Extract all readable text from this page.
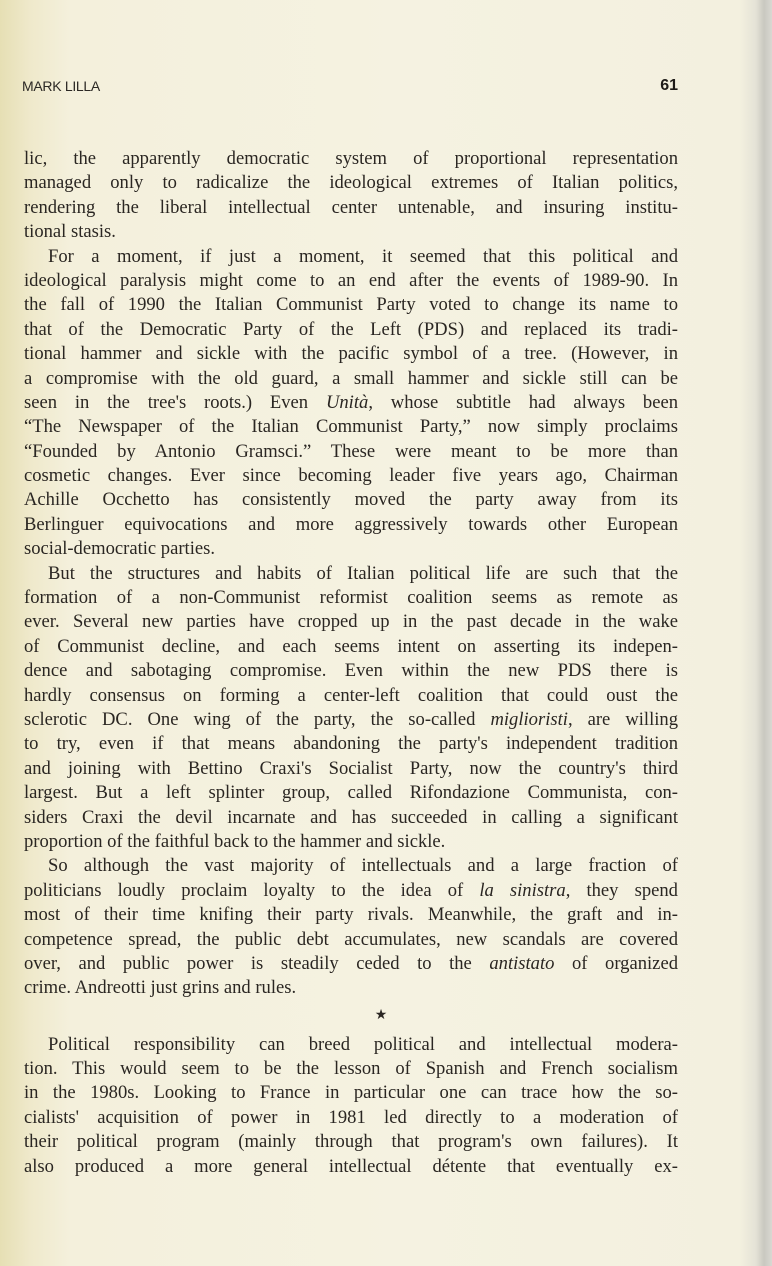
MARK LILLA	61
lic, the apparently democratic system of proportional representation
managed only to radicalize the ideological extremes of Italian politics,
rendering the liberal intellectual center untenable, and insuring institu-
tional stasis.
For a moment, if just a moment, it seemed that this political and
ideological paralysis might come to an end after the events of 1989-90. In
the fall of 1990 the Italian Communist Party voted to change its name to
that of the Democratic Party of the Left (PDS) and replaced its tradi-
tional hammer and sickle with the pacific symbol of a tree. (However, in
a compromise with the old guard, a small hammer and sickle still can be
seen in the tree's roots.) Even Unità, whose subtitle had always been
“The Newspaper of the Italian Communist Party,” now simply proclaims
“Founded by Antonio Gramsci.” These were meant to be more than
cosmetic changes. Ever since becoming leader five years ago, Chairman
Achille Occhetto has consistently moved the party away from its
Berlinguer equivocations and more aggressively towards other European
social-democratic parties.
But the structures and habits of Italian political life are such that the
formation of a non-Communist reformist coalition seems as remote as
ever. Several new parties have cropped up in the past decade in the wake
of Communist decline, and each seems intent on asserting its indepen-
dence and sabotaging compromise. Even within the new PDS there is
hardly consensus on forming a center-left coalition that could oust the
sclerotic DC. One wing of the party, the so-called miglioristi, are willing
to try, even if that means abandoning the party's independent tradition
and joining with Bettino Craxi's Socialist Party, now the country's third
largest. But a left splinter group, called Rifondazione Communista, con-
siders Craxi the devil incarnate and has succeeded in calling a significant
proportion of the faithful back to the hammer and sickle.
So although the vast majority of intellectuals and a large fraction of
politicians loudly proclaim loyalty to the idea of la sinistra, they spend
most of their time knifing their party rivals. Meanwhile, the graft and in-
competence spread, the public debt accumulates, new scandals are covered
over, and public power is steadily ceded to the antistato of organized
crime. Andreotti just grins and rules.
★
Political responsibility can breed political and intellectual modera-
tion. This would seem to be the lesson of Spanish and French socialism
in the 1980s. Looking to France in particular one can trace how the so-
cialists' acquisition of power in 1981 led directly to a moderation of
their political program (mainly through that program's own failures). It
also produced a more general intellectual détente that eventually ex-
